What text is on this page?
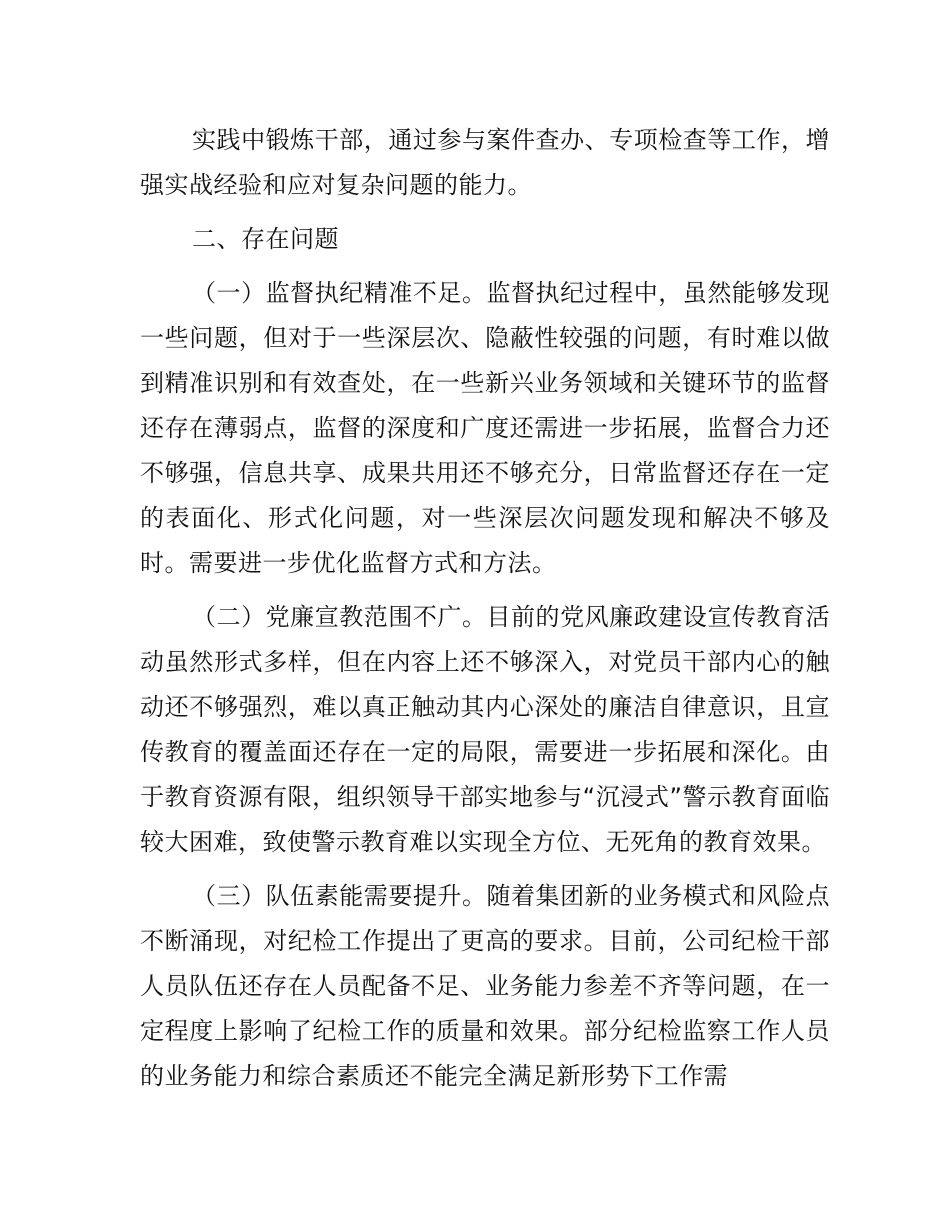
实践中锻炼干部，通过参与案件查办、专项检查等工作，增强实战经验和应对复杂问题的能力。

二、存在问题

（一）监督执纪精准不足。监督执纪过程中，虽然能够发现一些问题，但对于一些深层次、隐蔽性较强的问题，有时难以做到精准识别和有效查处，在一些新兴业务领域和关键环节的监督还存在薄弱点，监督的深度和广度还需进一步拓展，监督合力还不够强，信息共享、成果共用还不够充分，日常监督还存在一定的表面化、形式化问题，对一些深层次问题发现和解决不够及时。需要进一步优化监督方式和方法。

（二）党廉宣教范围不广。目前的党风廉政建设宣传教育活动虽然形式多样，但在内容上还不够深入，对党员干部内心的触动还不够强烈，难以真正触动其内心深处的廉洁自律意识，且宣传教育的覆盖面还存在一定的局限，需要进一步拓展和深化。由于教育资源有限，组织领导干部实地参与“沉浸式”警示教育面临较大困难，致使警示教育难以实现全方位、无死角的教育效果。

（三）队伍素能需要提升。随着集团新的业务模式和风险点不断涌现，对纪检工作提出了更高的要求。目前，公司纪检干部人员队伍还存在人员配备不足、业务能力参差不齐等问题，在一定程度上影响了纪检工作的质量和效果。部分纪检监察工作人员的业务能力和综合素质还不能完全满足新形势下工作需
